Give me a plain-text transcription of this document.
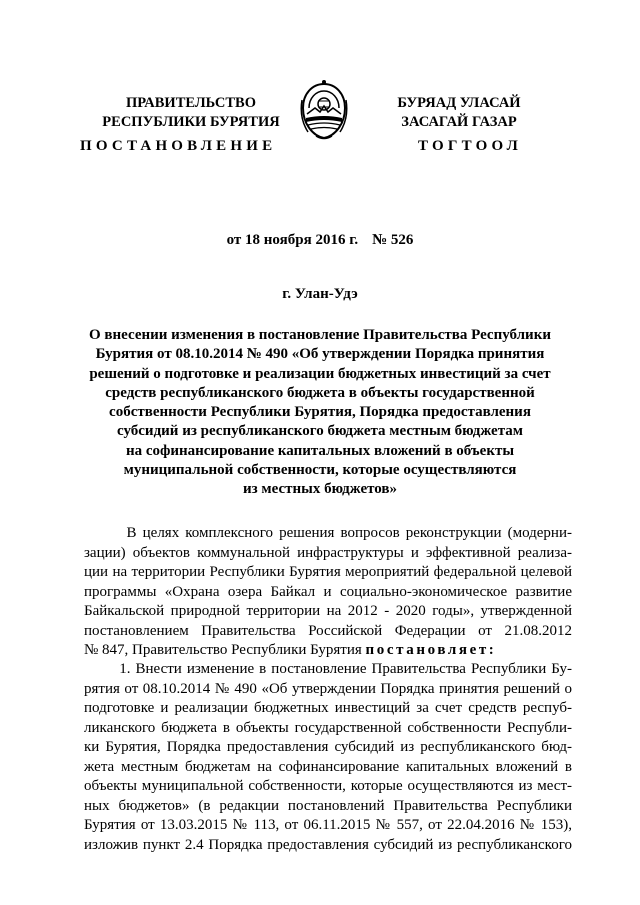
ПРАВИТЕЛЬСТВО
РЕСПУБЛИКИ БУРЯТИЯ
БУРЯАД УЛАСАЙ
ЗАСАГАЙ ГАЗАР
ПОСТАНОВЛЕНИЕ	ТОГТООЛ
от 18 ноября 2016 г. № 526
г. Улан-Удэ
О внесении изменения в постановление Правительства Республики
Бурятия от 08.10.2014 № 490 «Об утверждении Порядка принятия
решений о подготовке и реализации бюджетных инвестиций за счет
средств республиканского бюджета в объекты государственной
собственности Республики Бурятия, Порядка предоставления
субсидий из республиканского бюджета местным бюджетам
на софинансирование капитальных вложений в объекты
муниципальной собственности, которые осуществляются
из местных бюджетов»
В целях комплексного решения вопросов реконструкции (модерни-
зации) объектов коммунальной инфраструктуры и эффективной реализа-
ции на территории Республики Бурятия мероприятий федеральной целевой
программы «Охрана озера Байкал и социально-экономическое развитие
Байкальской природной территории на 2012 - 2020 годы», утвержденной
постановлением Правительства Российской Федерации от 21.08.2012
№ 847, Правительство Республики Бурятия постановляет:
1. Внести изменение в постановление Правительства Республики Бу-
рятия от 08.10.2014 № 490 «Об утверждении Порядка принятия решений о
подготовке и реализации бюджетных инвестиций за счет средств респуб-
ликанского бюджета в объекты государственной собственности Республи-
ки Бурятия, Порядка предоставления субсидий из республиканского бюд-
жета местным бюджетам на софинансирование капитальных вложений в
объекты муниципальной собственности, которые осуществляются из мест-
ных бюджетов» (в редакции постановлений Правительства Республики
Бурятия от 13.03.2015 № 113, от 06.11.2015 № 557, от 22.04.2016 № 153),
изложив пункт 2.4 Порядка предоставления субсидий из республиканского
